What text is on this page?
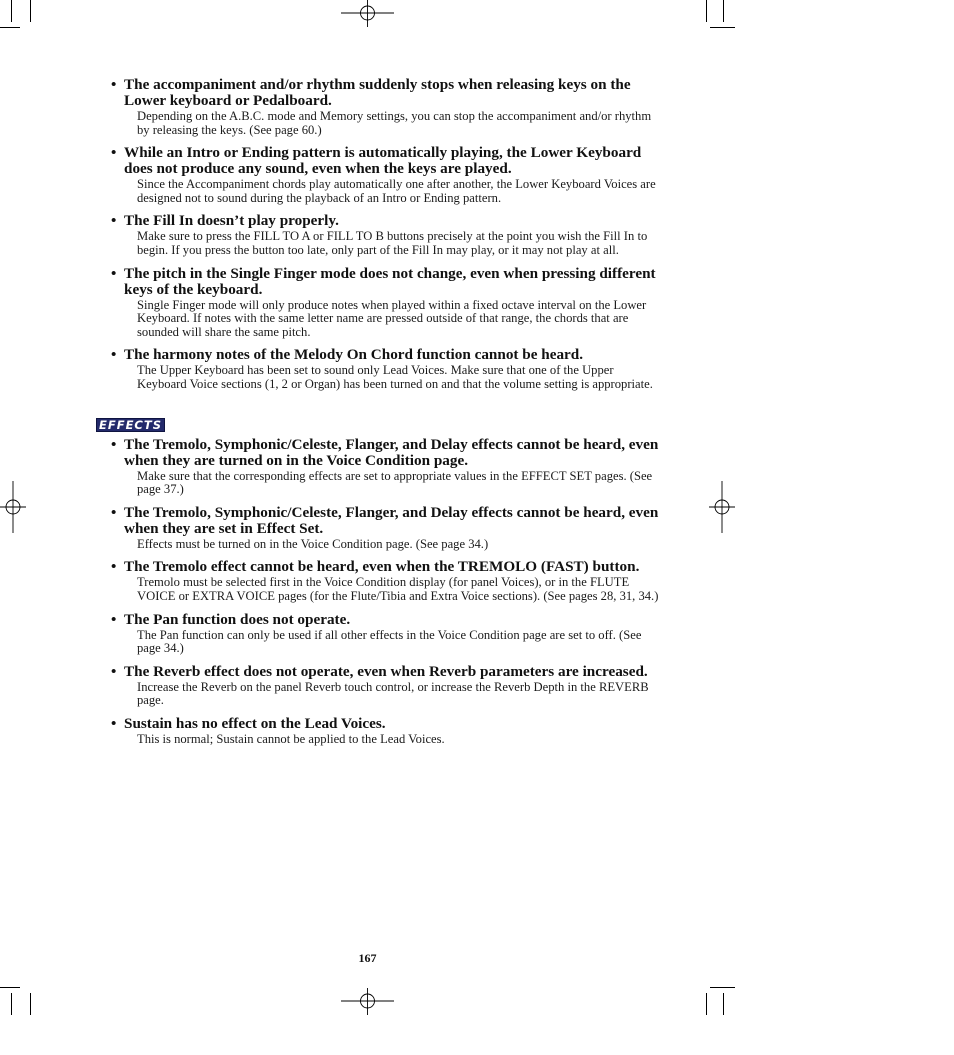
• The accompaniment and/or rhythm suddenly stops when releasing keys on the Lower keyboard or Pedalboard.
Depending on the A.B.C. mode and Memory settings, you can stop the accompaniment and/or rhythm by releasing the keys. (See page 60.)
• While an Intro or Ending pattern is automatically playing, the Lower Keyboard does not produce any sound, even when the keys are played.
Since the Accompaniment chords play automatically one after another, the Lower Keyboard Voices are designed not to sound during the playback of an Intro or Ending pattern.
• The Fill In doesn’t play properly.
Make sure to press the FILL TO A or FILL TO B buttons precisely at the point you wish the Fill In to begin. If you press the button too late, only part of the Fill In may play, or it may not play at all.
• The pitch in the Single Finger mode does not change, even when pressing different keys of the keyboard.
Single Finger mode will only produce notes when played within a fixed octave interval on the Lower Keyboard. If notes with the same letter name are pressed outside of that range, the chords that are sounded will share the same pitch.
• The harmony notes of the Melody On Chord function cannot be heard.
The Upper Keyboard has been set to sound only Lead Voices. Make sure that one of the Upper Keyboard Voice sections (1, 2 or Organ) has been turned on and that the volume setting is appropriate.
EFFECTS
• The Tremolo, Symphonic/Celeste, Flanger, and Delay effects cannot be heard, even when they are turned on in the Voice Condition page.
Make sure that the corresponding effects are set to appropriate values in the EFFECT SET pages. (See page 37.)
• The Tremolo, Symphonic/Celeste, Flanger, and Delay effects cannot be heard, even when they are set in Effect Set.
Effects must be turned on in the Voice Condition page. (See page 34.)
• The Tremolo effect cannot be heard, even when the TREMOLO (FAST) button.
Tremolo must be selected first in the Voice Condition display (for panel Voices), or in the FLUTE VOICE or EXTRA VOICE pages (for the Flute/Tibia and Extra Voice sections). (See pages 28, 31, 34.)
• The Pan function does not operate.
The Pan function can only be used if all other effects in the Voice Condition page are set to off. (See page 34.)
• The Reverb effect does not operate, even when Reverb parameters are increased.
Increase the Reverb on the panel Reverb touch control, or increase the Reverb Depth in the REVERB page.
• Sustain has no effect on the Lead Voices.
This is normal; Sustain cannot be applied to the Lead Voices.
167
